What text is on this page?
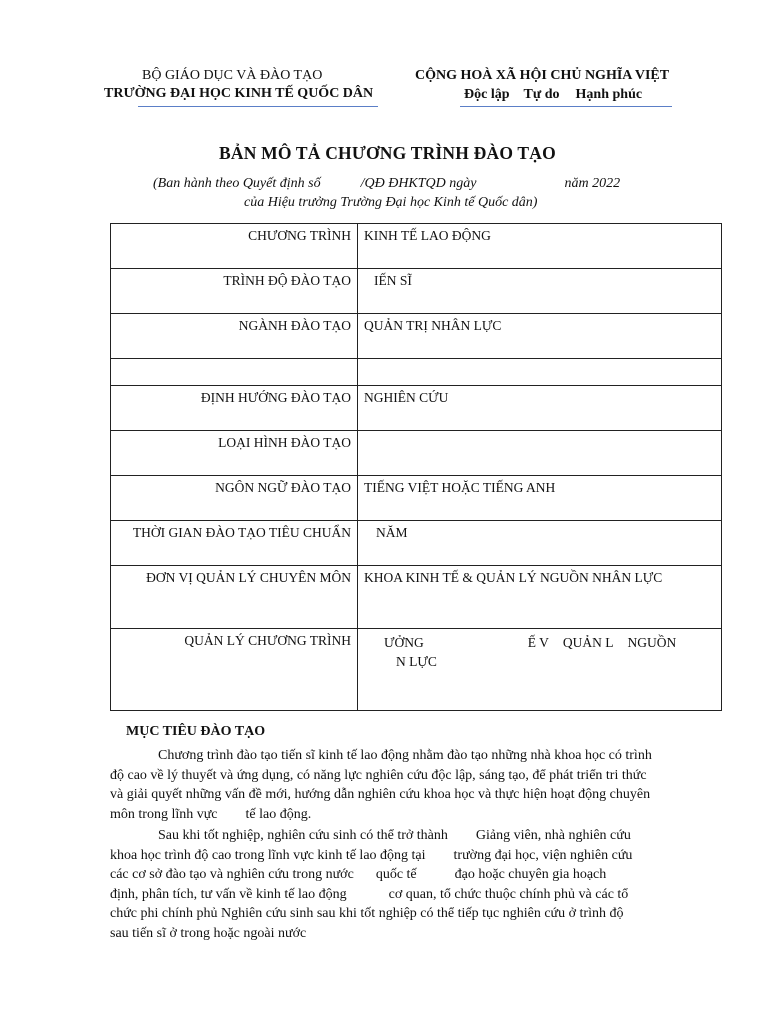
BỘ GIÁO DỤC VÀ ĐÀO TẠO
TRƯỜNG ĐẠI HỌC KINH TẾ QUỐC DÂN
CỘNG HOÀ XÃ HỘI CHỦ NGHĨA VIỆT
Độc lập Tự do Hạnh phúc
BẢN MÔ TẢ CHƯƠNG TRÌNH ĐÀO TẠO
(Ban hành theo Quyết định số	/QĐ ĐHKTQD ngày	năm 2022
của Hiệu trưởng Trường Đại học Kinh tế Quốc dân)
CHƯƠNG TRÌNH	KINH TẾ LAO ĐỘNG
TRÌNH ĐỘ ĐÀO TẠO	IẾN SĨ
NGÀNH ĐÀO TẠO	QUẢN TRỊ NHÂN LỰC

ĐỊNH HƯỚNG ĐÀO TẠO	NGHIÊN CỨU
LOẠI HÌNH ĐÀO TẠO	
NGÔN NGỮ ĐÀO TẠO	TIẾNG VIỆT HOẶC TIẾNG ANH
THỜI GIAN ĐÀO TẠO TIÊU CHUẨN	NĂM
ĐƠN VỊ QUẢN LÝ CHUYÊN MÔN	KHOA KINH TẾ & QUẢN LÝ NGUỒN NHÂN LỰC
QUẢN LÝ CHƯƠNG TRÌNH	ƯỞNG Ế V QUẢN L NGUỒN
N LỰC
MỤC TIÊU ĐÀO TẠO
Chương trình đào tạo tiến sĩ kinh tế lao động nhằm đào tạo những nhà khoa học có trình
độ cao về lý thuyết và ứng dụng, có năng lực nghiên cứu độc lập, sáng tạo, để phát triển tri thức
và giải quyết những vấn đề mới, hướng dẫn nghiên cứu khoa học và thực hiện hoạt động chuyên
môn trong lĩnh vực tế lao động.
Sau khi tốt nghiệp, nghiên cứu sinh có thể trở thành Giảng viên, nhà nghiên cứu
khoa học trình độ cao trong lĩnh vực kinh tế lao động tại trường đại học, viện nghiên cứu
các cơ sở đào tạo và nghiên cứu trong nước quốc tế	đạo hoặc chuyên gia hoạch
định, phân tích, tư vấn về kinh tế lao động	cơ quan, tổ chức thuộc chính phủ và các tổ
chức phi chính phủ Nghiên cứu sinh sau khi tốt nghiệp có thể tiếp tục nghiên cứu ở trình độ
sau tiến sĩ ở trong hoặc ngoài nước
